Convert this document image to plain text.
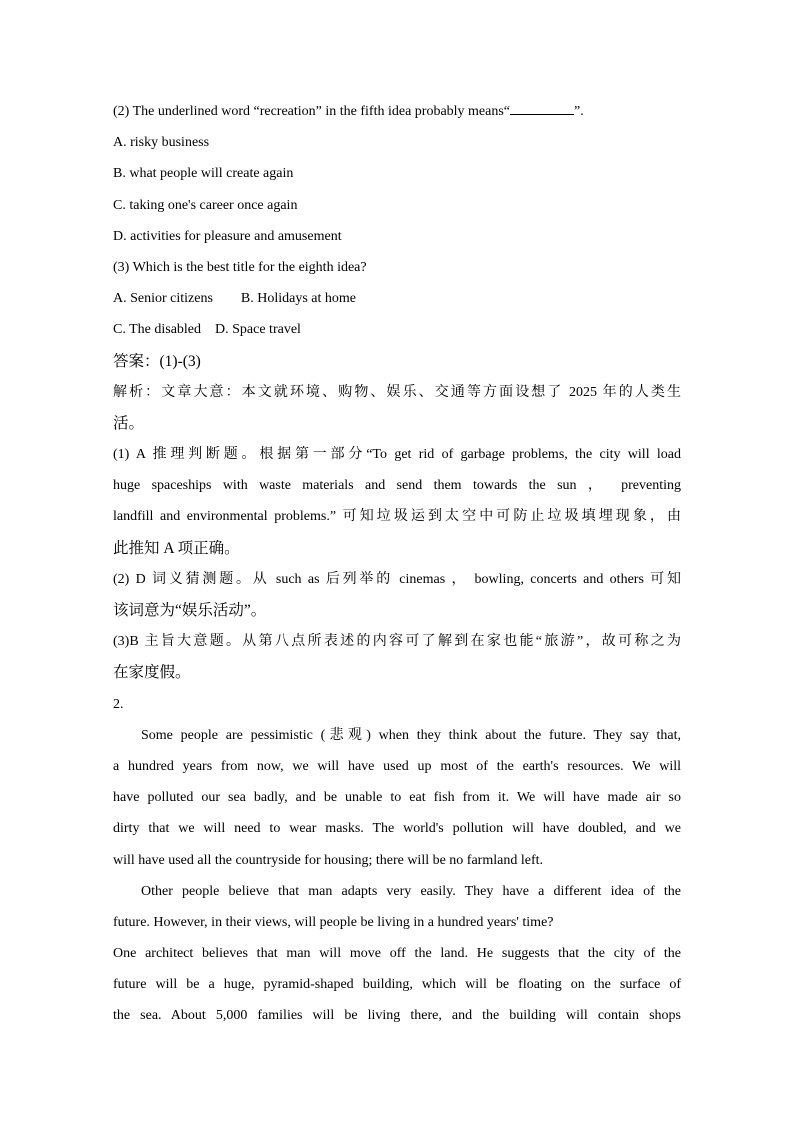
(2) The underlined word “recreation” in the fifth idea probably means“	”.
A. risky business
B. what people will create again
C. taking one's career once again
D. activities for pleasure and amusement
(3) Which is the best title for the eighth idea?
A. Senior citizens B. Holidays at home
C. The disabled D. Space travel
答案：(1)-(3)
解析：文章大意：本文就环境、购物、娱乐、交通等方面设想了 2025 年的人类生
活。
(1) A 推理判断题。根据第一部分“To get rid of garbage problems, the city will load
huge spaceships with waste materials and send them towards the sun ， preventing
landfill and environmental problems.” 可知垃圾运到太空中可防止垃圾填埋现象，由
此推知 A 项正确。
(2) D 词义猜测题。从 such as 后列举的 cinemas ， bowling, concerts and others 可知
该词意为“娱乐活动”。
(3)B 主旨大意题。从第八点所表述的内容可了解到在家也能“旅游”，故可称之为
在家度假。
2.
Some people are pessimistic (悲观) when they think about the future. They say that,
a hundred years from now, we will have used up most of the earth's resources. We will
have polluted our sea badly, and be unable to eat fish from it. We will have made air so
dirty that we will need to wear masks. The world's pollution will have doubled, and we
will have used all the countryside for housing; there will be no farmland left.
Other people believe that man adapts very easily. They have a different idea of the
future. However, in their views, will people be living in a hundred years' time?
One architect believes that man will move off the land. He suggests that the city of the
future will be a huge, pyramid-shaped building, which will be floating on the surface of
the sea. About 5,000 families will be living there, and the building will contain shops
